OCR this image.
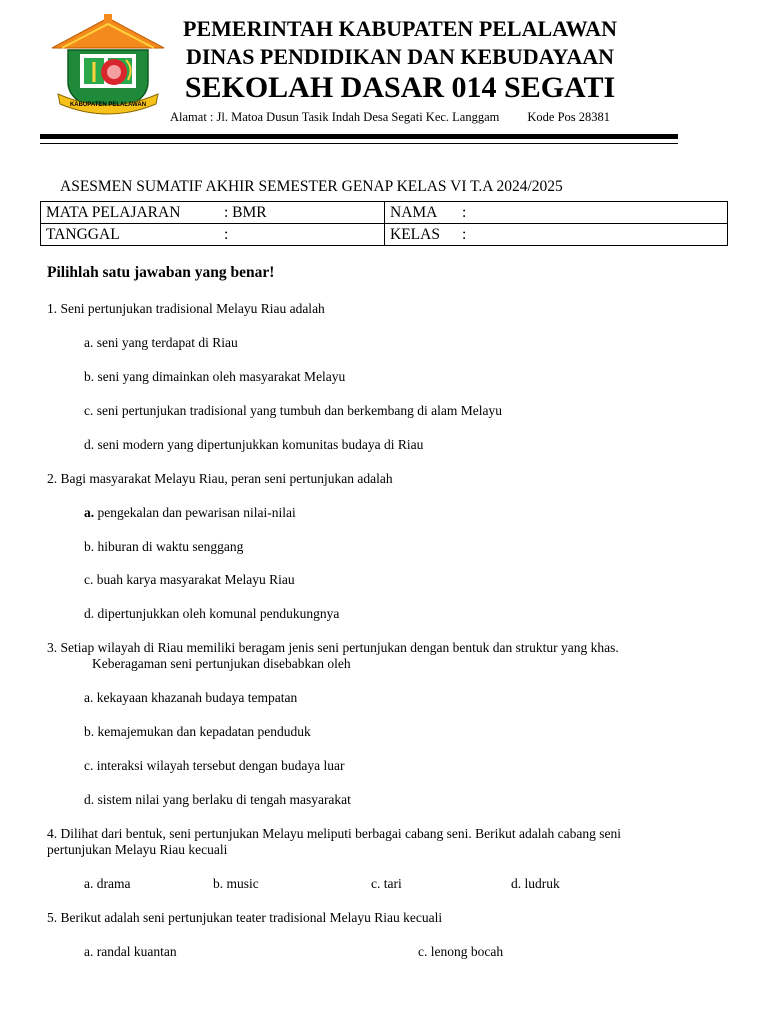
KABUPATEN PELALAWAN
PEMERINTAH KABUPATEN PELALAWAN
DINAS PENDIDIKAN DAN KEBUDAYAAN
SEKOLAH DASAR 014 SEGATI
Alamat : Jl. Matoa Dusun Tasik Indah Desa Segati Kec. Langgam Kode Pos 28381
ASESMEN SUMATIF AKHIR SEMESTER GENAP KELAS VI T.A 2024/2025
MATA PELAJARAN : BMR	NAMA :
TANGGAL :	KELAS :
Pilihlah satu jawaban yang benar!
1. Seni pertunjukan tradisional Melayu Riau adalah
a. seni yang terdapat di Riau
b. seni yang dimainkan oleh masyarakat Melayu
c. seni pertunjukan tradisional yang tumbuh dan berkembang di alam Melayu
d. seni modern yang dipertunjukkan komunitas budaya di Riau
2. Bagi masyarakat Melayu Riau, peran seni pertunjukan adalah
a. pengekalan dan pewarisan nilai-nilai
b. hiburan di waktu senggang
c. buah karya masyarakat Melayu Riau
d. dipertunjukkan oleh komunal pendukungnya
3. Setiap wilayah di Riau memiliki beragam jenis seni pertunjukan dengan bentuk dan struktur yang khas.
Keberagaman seni pertunjukan disebabkan oleh
a. kekayaan khazanah budaya tempatan
b. kemajemukan dan kepadatan penduduk
c. interaksi wilayah tersebut dengan budaya luar
d. sistem nilai yang berlaku di tengah masyarakat
4. Dilihat dari bentuk, seni pertunjukan Melayu meliputi berbagai cabang seni. Berikut adalah cabang seni
pertunjukan Melayu Riau kecuali
a. drama	b. music	c. tari	d. ludruk
5. Berikut adalah seni pertunjukan teater tradisional Melayu Riau kecuali
a. randal kuantan	c. lenong bocah
